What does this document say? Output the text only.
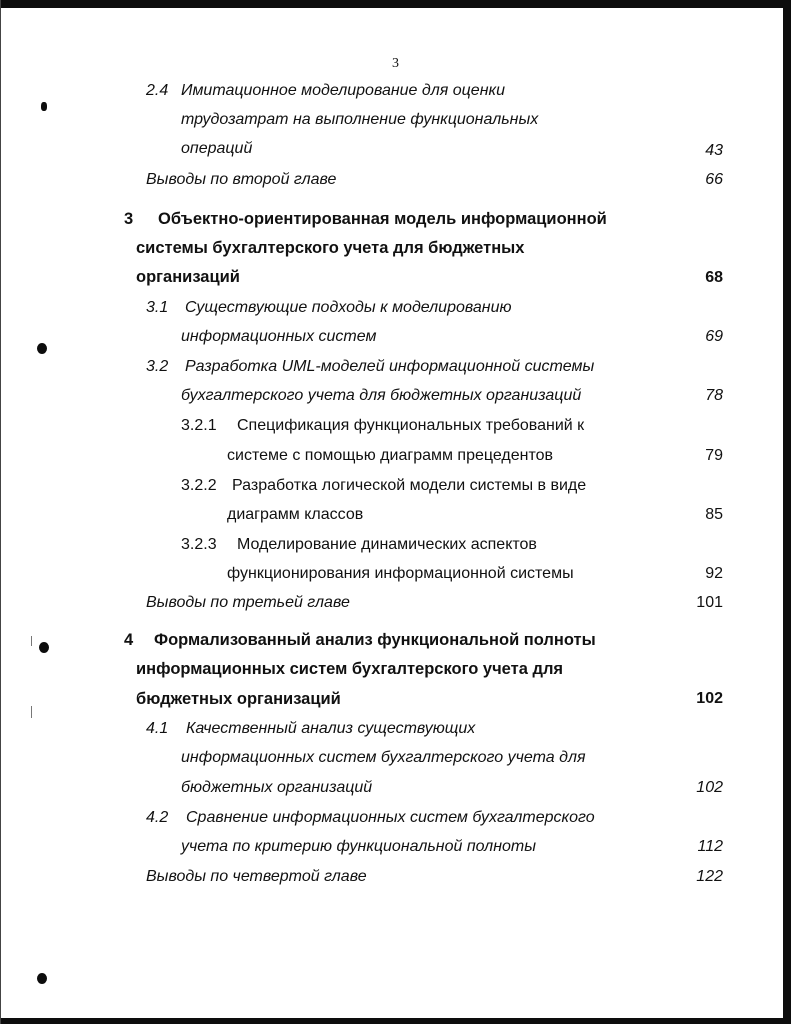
3
2.4 Имитационное моделирование для оценки
трудозатрат на выполнение функциональных
операций	43
Выводы по второй главе	66
3 Объектно-ориентированная модель информационной
системы бухгалтерского учета для бюджетных
организаций	68
3.1 Существующие подходы к моделированию
информационных систем	69
3.2 Разработка UML-моделей информационной системы
бухгалтерского учета для бюджетных организаций	78
3.2.1 Спецификация функциональных требований к
системе с помощью диаграмм прецедентов	79
3.2.2 Разработка логической модели системы в виде
диаграмм классов	85
3.2.3 Моделирование динамических аспектов
функционирования информационной системы	92
Выводы по третьей главе	101
4 Формализованный анализ функциональной полноты
информационных систем бухгалтерского учета для
бюджетных организаций	102
4.1 Качественный анализ существующих
информационных систем бухгалтерского учета для
бюджетных организаций	102
4.2 Сравнение информационных систем бухгалтерского
учета по критерию функциональной полноты	112
Выводы по четвертой главе	122
